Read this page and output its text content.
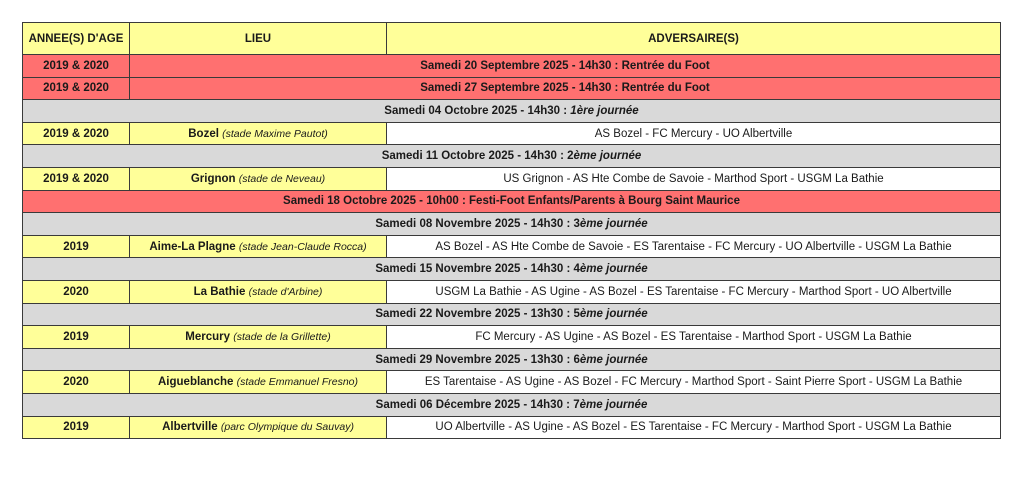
ANNEE(S) D'AGE	LIEU	ADVERSAIRE(S)
2019 & 2020	Samedi 20 Septembre 2025 - 14h30 : Rentrée du Foot	
2019 & 2020	Samedi 27 Septembre 2025 - 14h30 : Rentrée du Foot	
Samedi 04 Octobre 2025 - 14h30 : 1ère journée		
2019 & 2020	Bozel (stade Maxime Pautot)	AS Bozel - FC Mercury - UO Albertville
Samedi 11 Octobre 2025 - 14h30 : 2ème journée		
2019 & 2020	Grignon (stade de Neveau)	US Grignon - AS Hte Combe de Savoie - Marthod Sport - USGM La Bathie
Samedi 18 Octobre 2025 - 10h00 : Festi-Foot Enfants/Parents à Bourg Saint Maurice		
Samedi 08 Novembre 2025 - 14h30 : 3ème journée		
2019	Aime-La Plagne (stade Jean-Claude Rocca)	AS Bozel - AS Hte Combe de Savoie - ES Tarentaise - FC Mercury - UO Albertville - USGM La Bathie
Samedi 15 Novembre 2025 - 14h30 : 4ème journée		
2020	La Bathie (stade d'Arbine)	USGM La Bathie - AS Ugine - AS Bozel - ES Tarentaise - FC Mercury - Marthod Sport - UO Albertville
Samedi 22 Novembre 2025 - 13h30 : 5ème journée		
2019	Mercury (stade de la Grillette)	FC Mercury - AS Ugine - AS Bozel - ES Tarentaise - Marthod Sport - USGM La Bathie
Samedi 29 Novembre 2025 - 13h30 : 6ème journée		
2020	Aigueblanche (stade Emmanuel Fresno)	ES Tarentaise - AS Ugine - AS Bozel - FC Mercury - Marthod Sport - Saint Pierre Sport - USGM La Bathie
Samedi 06 Décembre 2025 - 14h30 : 7ème journée		
2019	Albertville (parc Olympique du Sauvay)	UO Albertville - AS Ugine - AS Bozel - ES Tarentaise - FC Mercury - Marthod Sport - USGM La Bathie
